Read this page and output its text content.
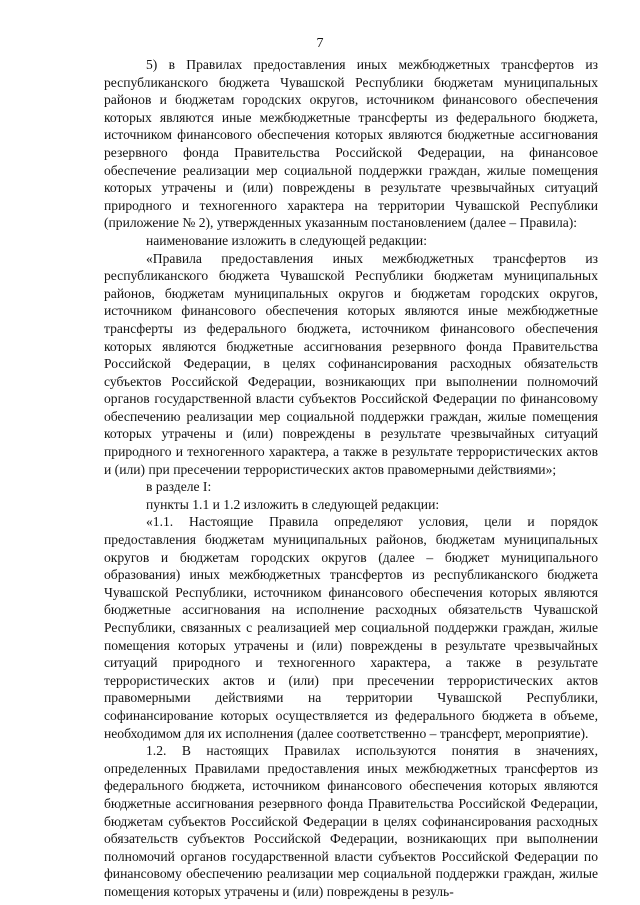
7

5) в Правилах предоставления иных межбюджетных трансфертов из республиканского бюджета Чувашской Республики бюджетам муниципальных районов и бюджетам городских округов, источником финансового обеспечения которых являются иные межбюджетные трансферты из федерального бюджета, источником финансового обеспечения которых являются бюджетные ассигнования резервного фонда Правительства Российской Федерации, на финансовое обеспечение реализации мер социальной поддержки граждан, жилые помещения которых утрачены и (или) повреждены в результате чрезвычайных ситуаций природного и техногенного характера на территории Чувашской Республики (приложение № 2), утвержденных указанным постановлением (далее – Правила):

наименование изложить в следующей редакции:

«Правила предоставления иных межбюджетных трансфертов из республиканского бюджета Чувашской Республики бюджетам муниципальных районов, бюджетам муниципальных округов и бюджетам городских округов, источником финансового обеспечения которых являются иные межбюджетные трансферты из федерального бюджета, источником финансового обеспечения которых являются бюджетные ассигнования резервного фонда Правительства Российской Федерации, в целях софинансирования расходных обязательств субъектов Российской Федерации, возникающих при выполнении полномочий органов государственной власти субъектов Российской Федерации по финансовому обеспечению реализации мер социальной поддержки граждан, жилые помещения которых утрачены и (или) повреждены в результате чрезвычайных ситуаций природного и техногенного характера, а также в результате террористических актов и (или) при пресечении террористических актов правомерными действиями»;

в разделе I:

пункты 1.1 и 1.2 изложить в следующей редакции:

«1.1. Настоящие Правила определяют условия, цели и порядок предоставления бюджетам муниципальных районов, бюджетам муниципальных округов и бюджетам городских округов (далее – бюджет муниципального образования) иных межбюджетных трансфертов из республиканского бюджета Чувашской Республики, источником финансового обеспечения которых являются бюджетные ассигнования на исполнение расходных обязательств Чувашской Республики, связанных с реализацией мер социальной поддержки граждан, жилые помещения которых утрачены и (или) повреждены в результате чрезвычайных ситуаций природного и техногенного характера, а также в результате террористических актов и (или) при пресечении террористических актов правомерными действиями на территории Чувашской Республики, софинансирование которых осуществляется из федерального бюджета в объеме, необходимом для их исполнения (далее соответственно – трансферт, мероприятие).

1.2. В настоящих Правилах используются понятия в значениях, определенных Правилами предоставления иных межбюджетных трансфертов из федерального бюджета, источником финансового обеспечения которых являются бюджетные ассигнования резервного фонда Правительства Российской Федерации, бюджетам субъектов Российской Федерации в целях софинансирования расходных обязательств субъектов Российской Федерации, возникающих при выполнении полномочий органов государственной власти субъектов Российской Федерации по финансовому обеспечению реализации мер социальной поддержки граждан, жилые помещения которых утрачены и (или) повреждены в резуль-
